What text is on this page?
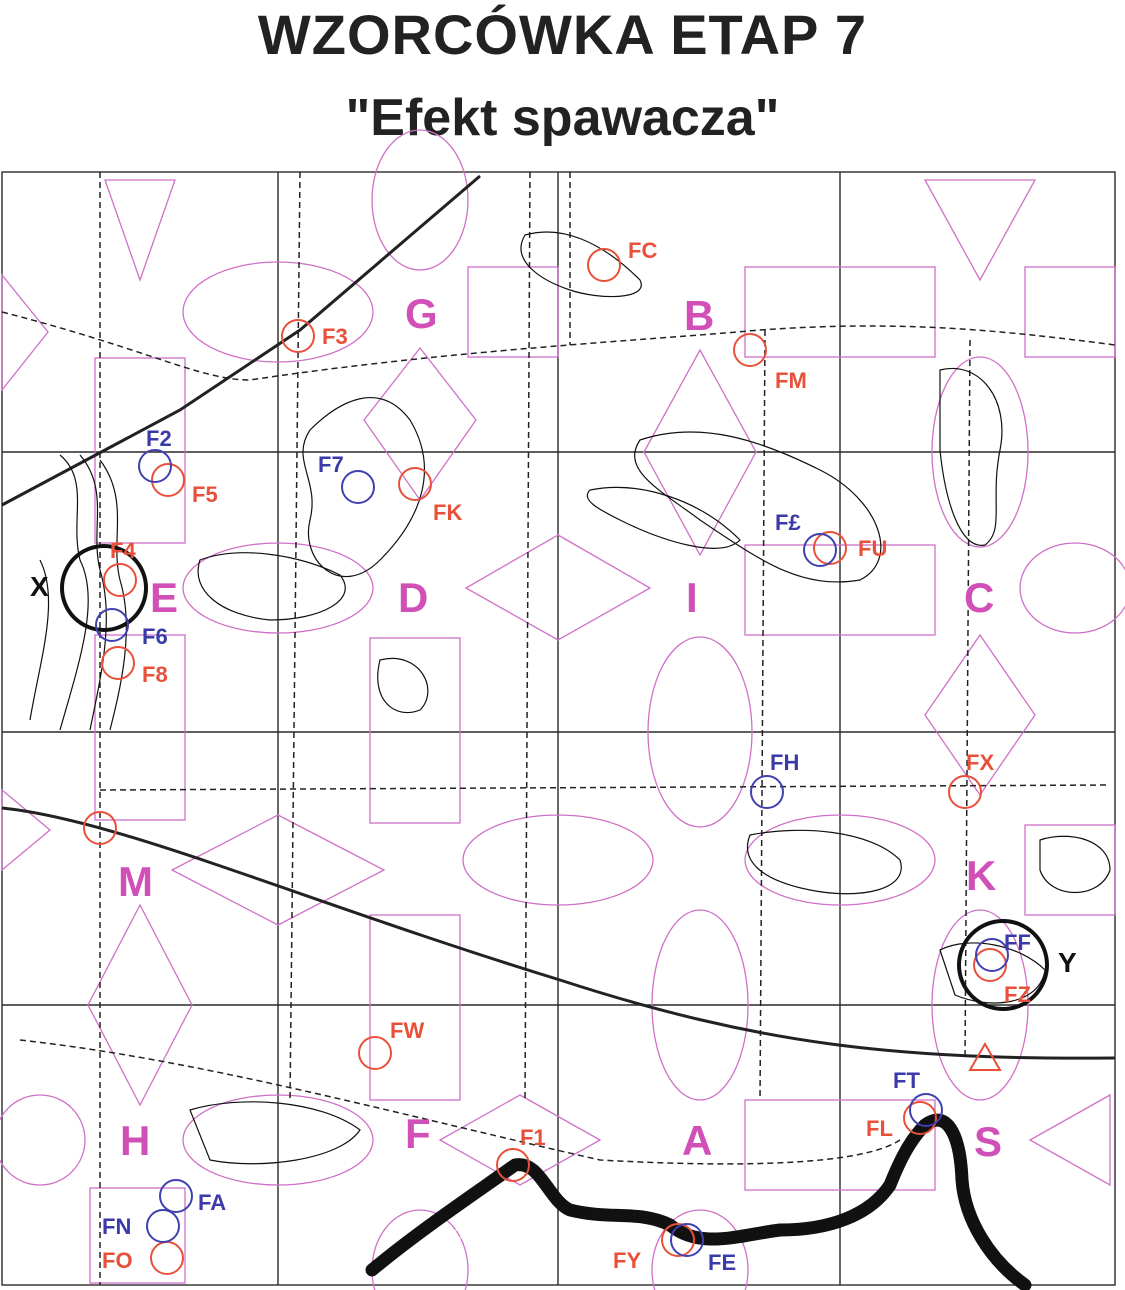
WZORCÓWKA ETAP 7
"Efekt spawacza"
Drwęca
G	B
E	D	I	C
M	K
H	F	A	S
X
Y
FC
F3
FM
F5
FK
FU
F4
F8
FX
FZ
FW
F1	FL
FO	FY
F2
F7
F£
F6
FH
FF
FT
FA
FN
FE
